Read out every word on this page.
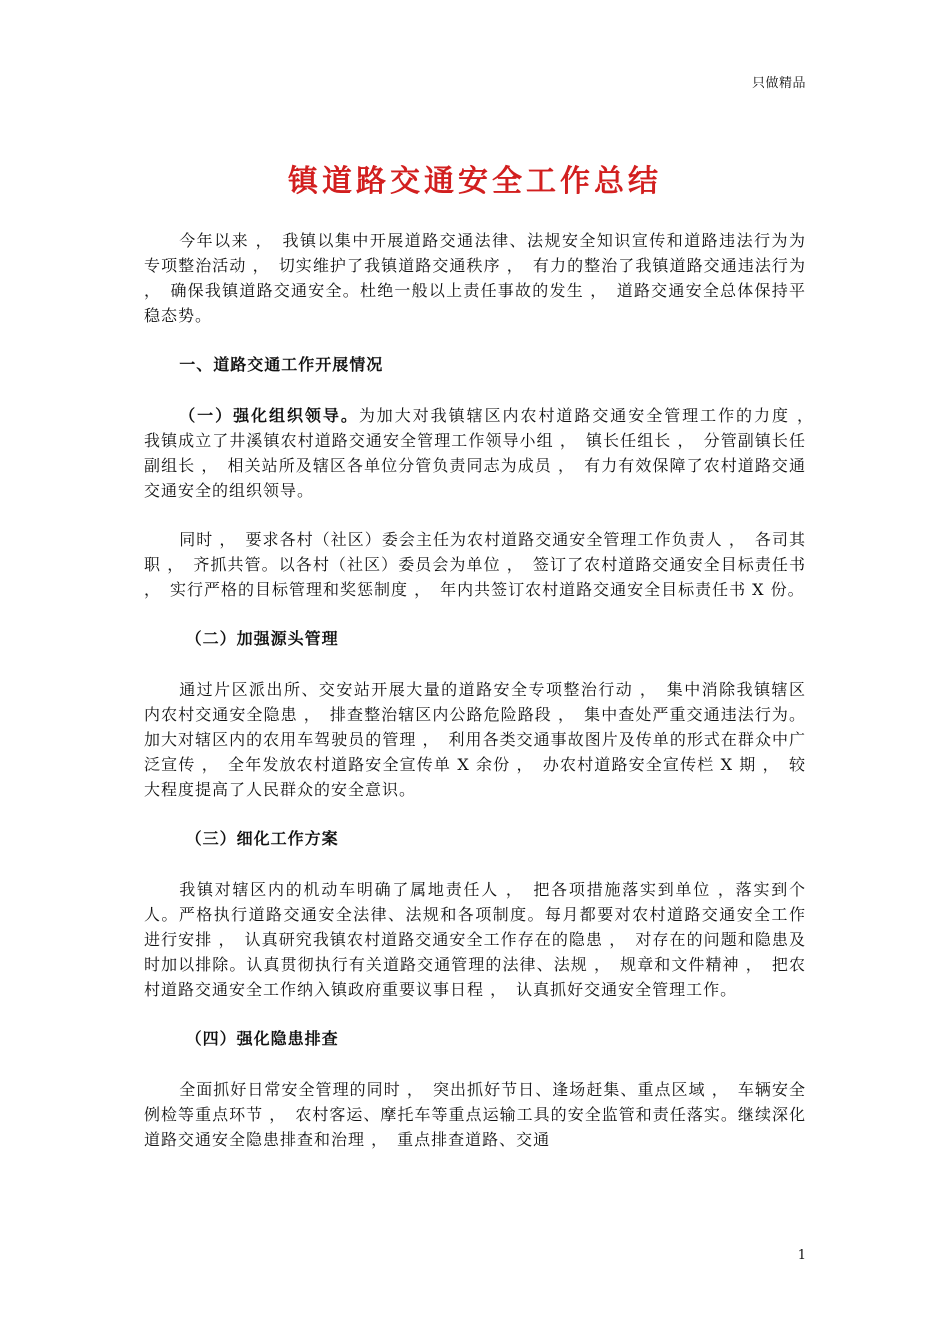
只做精品
镇道路交通安全工作总结

今年以来 ，　我镇以集中开展道路交通法律、法规安全知识宣传和道路违法行为为专项整治活动 ，　切实维护了我镇道路交通秩序 ，　有力的整治了我镇道路交通违法行为 ，　确保我镇道路交通安全。杜绝一般以上责任事故的发生 ，　道路交通安全总体保持平稳态势。

一、道路交通工作开展情况

（一）强化组织领导。为加大对我镇辖区内农村道路交通安全管理工作的力度 ，　我镇成立了井溪镇农村道路交通安全管理工作领导小组 ，　镇长任组长 ，　分管副镇长任副组长 ，　相关站所及辖区各单位分管负责同志为成员 ，　有力有效保障了农村道路交通交通安全的组织领导。

同时 ，　要求各村（社区）委会主任为农村道路交通安全管理工作负责人 ，　各司其职 ，　齐抓共管。以各村（社区）委员会为单位 ，　签订了农村道路交通安全目标责任书 ，　实行严格的目标管理和奖惩制度 ，　年内共签订农村道路交通安全目标责任书 X 份。

（二）加强源头管理

通过片区派出所、交安站开展大量的道路安全专项整治行动 ，　集中消除我镇辖区内农村交通安全隐患 ，　排查整治辖区内公路危险路段 ，　集中查处严重交通违法行为。加大对辖区内的农用车驾驶员的管理 ，　利用各类交通事故图片及传单的形式在群众中广泛宣传 ，　全年发放农村道路安全宣传单 X 余份 ，　办农村道路安全宣传栏 X 期 ，　较大程度提高了人民群众的安全意识。

（三）细化工作方案

我镇对辖区内的机动车明确了属地责任人 ，　把各项措施落实到单位 ，落实到个人。严格执行道路交通安全法律、法规和各项制度。每月都要对农村道路交通安全工作进行安排 ，　认真研究我镇农村道路交通安全工作存在的隐患 ，　对存在的问题和隐患及时加以排除。认真贯彻执行有关道路交通管理的法律、法规 ，　规章和文件精神 ，　把农村道路交通安全工作纳入镇政府重要议事日程 ，　认真抓好交通安全管理工作。

（四）强化隐患排查

全面抓好日常安全管理的同时 ，　突出抓好节日、逢场赶集、重点区域 ，　车辆安全例检等重点环节 ，　农村客运、摩托车等重点运输工具的安全监管和责任落实。继续深化道路交通安全隐患排查和治理 ，　重点排查道路、交通

1
